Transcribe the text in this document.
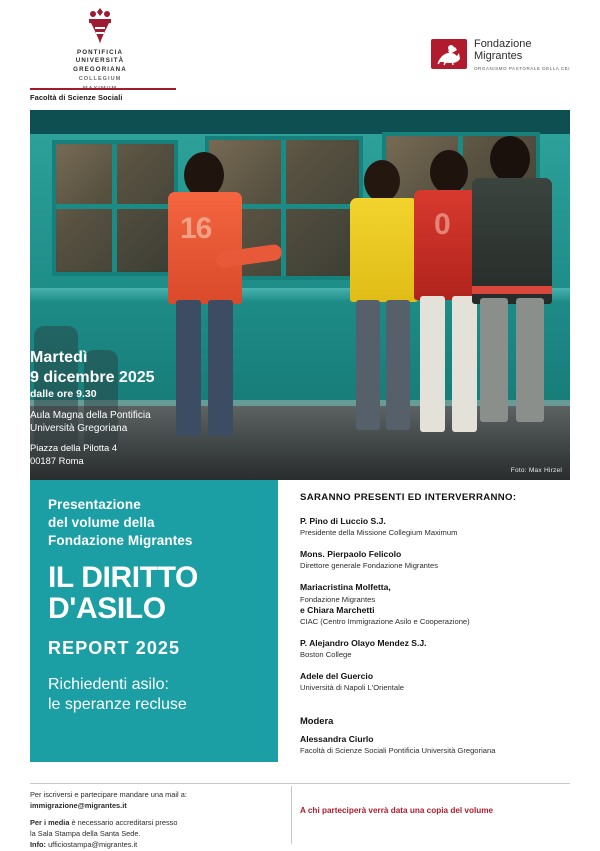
PONTIFICIA
UNIVERSITÀ
GREGORIANA
COLLEGIUM
MAXIMUM
Facoltà di Scienze Sociali
Fondazione
Migrantes
ORGANISMO PASTORALE DELLA CEI
16	0
Foto: Max Hirzel
Martedì
9 dicembre 2025
dalle ore 9.30
Aula Magna della Pontificia
Università Gregoriana
Piazza della Pilotta 4
00187 Roma
Presentazione
del volume della
Fondazione Migrantes
IL DIRITTO
D'ASILO
REPORT 2025
Richiedenti asilo:
le speranze recluse
SARANNO PRESENTI ED INTERVERRANNO:
P. Pino di Luccio S.J.
Presidente della Missione Collegium Maximum
Mons. Pierpaolo Felicolo
Direttore generale Fondazione Migrantes
Mariacristina Molfetta,
Fondazione Migrantes
e Chiara Marchetti
CIAC (Centro Immigrazione Asilo e Cooperazione)
P. Alejandro Olayo Mendez S.J.
Boston College
Adele del Guercio
Università di Napoli L'Orientale
Modera
Alessandra Ciurlo
Facoltà di Scienze Sociali Pontificia Università Gregoriana
Per iscriversi e partecipare mandare una mail a:
immigrazione@migrantes.it
Per i media è necessario accreditarsi presso
la Sala Stampa della Santa Sede.
Info: ufficiostampa@migrantes.it
A chi parteciperà verrà data una copia del volume
